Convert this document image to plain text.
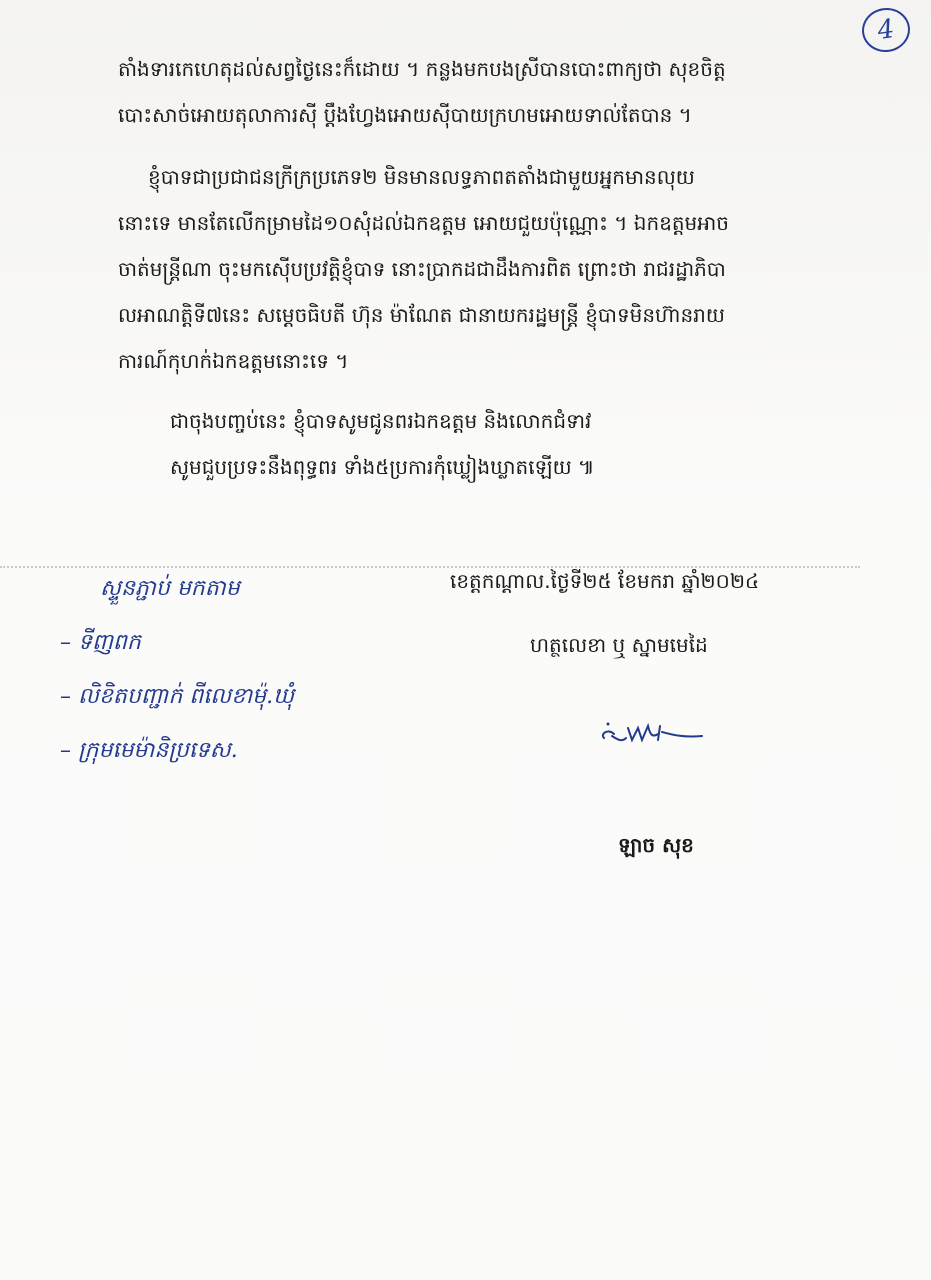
4
តាំងទារកេហេតុដល់សព្វថ្ងៃនេះក៏ដោយ ។ កន្លងមកបងស្រីបានបោះពាក្យថា សុខចិត្ត
បោះសាច់អោយតុលាការស៊ី ប្ដឹងហ្វែងអោយស៊ីបាយក្រហមអោយទាល់តែបាន ។
ខ្ញុំបាទជាប្រជាជនក្រីក្រប្រភេទ២ មិនមានលទ្ធភាពតតាំងជាមួយអ្នកមានលុយ
នោះទេ មានតែលើកម្រាមដៃ១០សុំដល់ឯកឧត្តម អោយជួយប៉ុណ្ណោះ ។ ឯកឧត្តមអាច
ចាត់មន្ត្រីណា ចុះមកស៊ើបប្រវត្តិខ្ញុំបាទ នោះប្រាកដជាដឹងការពិត ព្រោះថា រាជរដ្ឋាភិបា
លអាណត្តិទី៧នេះ សម្ដេចធិបតី ហ៊ុន ម៉ាណែត ជានាយករដ្ឋមន្ត្រី ខ្ញុំបាទមិនហ៊ានរាយ
ការណ៍កុហក់ឯកឧត្តមនោះទេ ។
ជាចុងបញ្ចប់នេះ ខ្ញុំបាទសូមជូនពរឯកឧត្តម និងលោកជំទាវ
សូមជួបប្រទះនឹងពុទ្ធពរ ទាំង៥ប្រការកុំឃ្លៀងឃ្លាតឡើយ ៕
ខេត្តកណ្ដាល.ថ្ងៃទី២៥ ខែមករា ឆ្នាំ២០២៤
ហត្ថលេខា ឬ ស្នាមមេដៃ
ឡាច សុខ
ស្ទួនភ្ជាប់ មកតាម
– ទីញពក
– លិខិតបញ្ជាក់ ពីលេខាម៉ុ.ឃុំ
– ក្រុមមេម៉ានិប្រទេស.
